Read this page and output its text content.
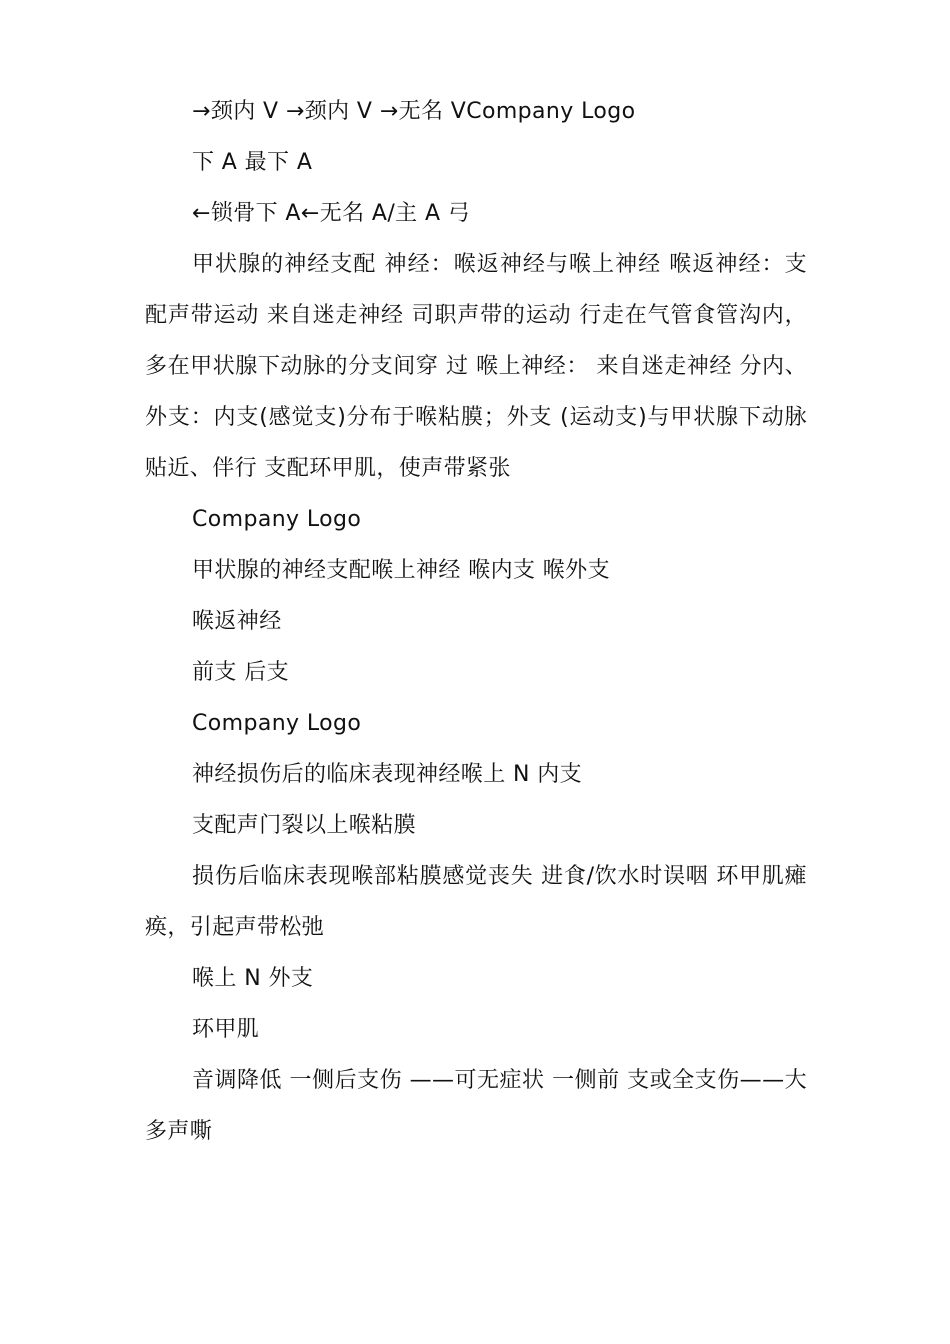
→颈内 V →颈内 V →无名 VCompany Logo

下 A 最下 A

←锁骨下 A←无名 A/主 A 弓

甲状腺的神经支配 神经：喉返神经与喉上神经 喉返神经：支配声带运动 来自迷走神经 司职声带的运动 行走在气管食管沟内，多在甲状腺下动脉的分支间穿 过 喉上神经： 来自迷走神经 分内、外支：内支(感觉支)分布于喉粘膜；外支 (运动支)与甲状腺下动脉贴近、伴行 支配环甲肌，使声带紧张

Company Logo

甲状腺的神经支配喉上神经 喉内支 喉外支

喉返神经

前支 后支

Company Logo

神经损伤后的临床表现神经喉上 N 内支

支配声门裂以上喉粘膜

损伤后临床表现喉部粘膜感觉丧失 进食/饮水时误咽 环甲肌瘫痪，引起声带松弛

喉上 N 外支

环甲肌

音调降低 一侧后支伤 ——可无症状 一侧前 支或全支伤——大多声嘶
